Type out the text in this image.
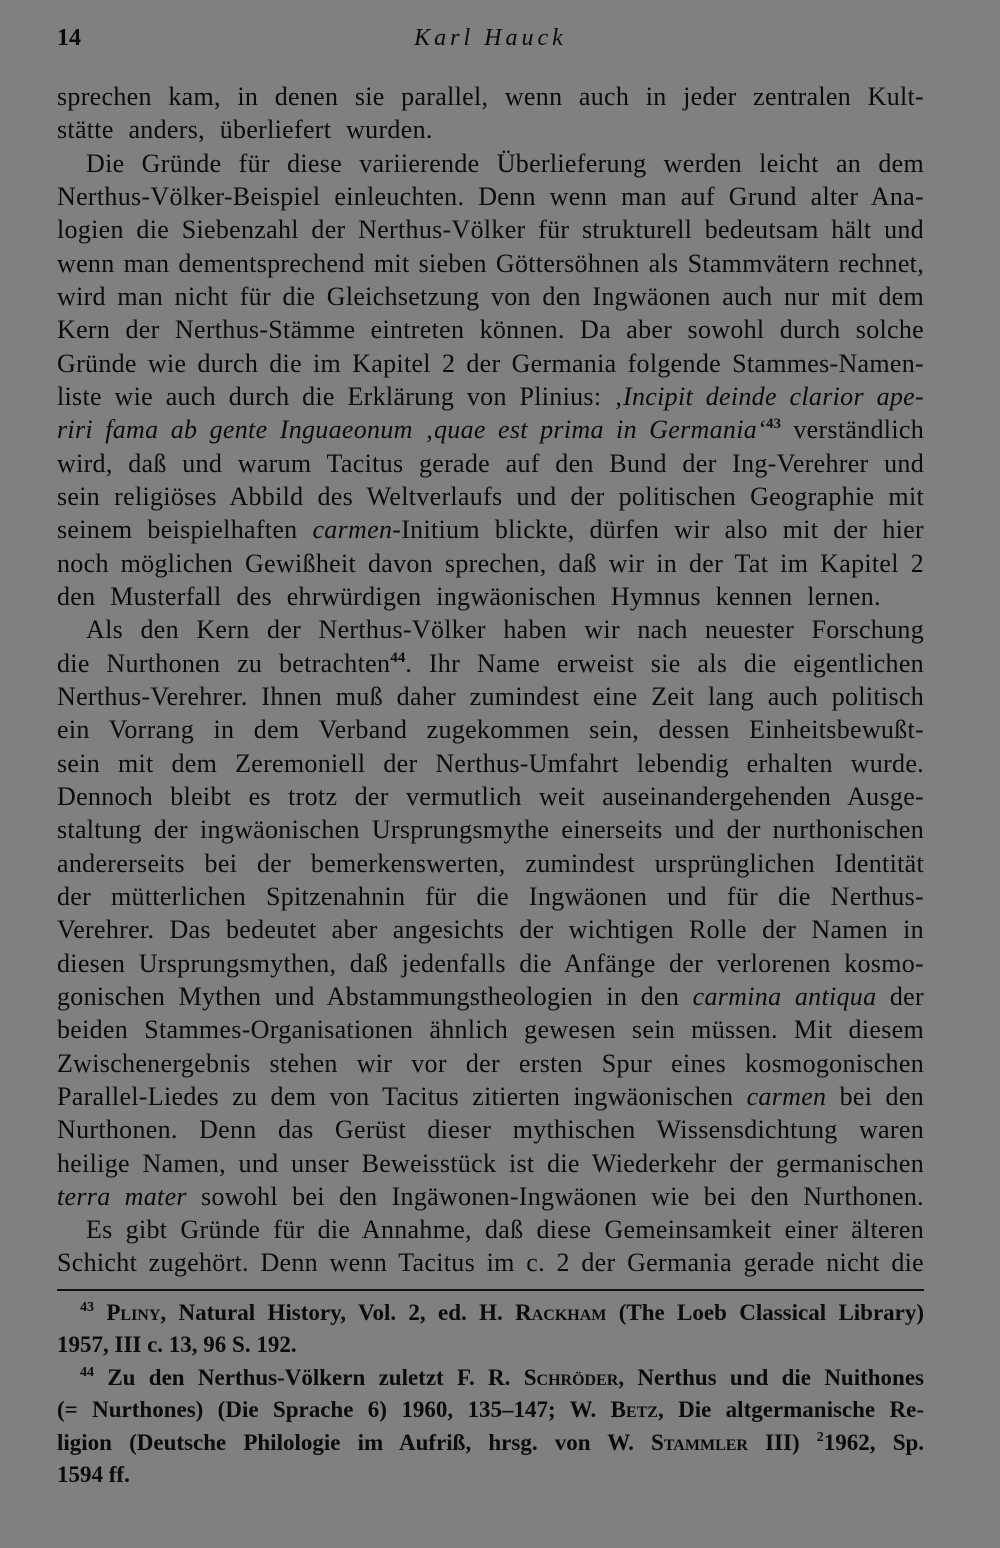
14	Karl Hauck
sprechen kam, in denen sie parallel, wenn auch in jeder zentralen Kult-
stätte anders, überliefert wurden.
Die Gründe für diese variierende Überlieferung werden leicht an dem
Nerthus-Völker-Beispiel einleuchten. Denn wenn man auf Grund alter Ana-
logien die Siebenzahl der Nerthus-Völker für strukturell bedeutsam hält und
wenn man dementsprechend mit sieben Göttersöhnen als Stammvätern rechnet,
wird man nicht für die Gleichsetzung von den Ingwäonen auch nur mit dem
Kern der Nerthus-Stämme eintreten können. Da aber sowohl durch solche
Gründe wie durch die im Kapitel 2 der Germania folgende Stammes-Namen-
liste wie auch durch die Erklärung von Plinius: ‚Incipit deinde clarior ape-
riri fama ab gente Inguaeonum ‚quae est prima in Germania‘$^{43}$ verständlich
wird, daß und warum Tacitus gerade auf den Bund der Ing-Verehrer und
sein religiöses Abbild des Weltverlaufs und der politischen Geographie mit
seinem beispielhaften carmen-Initium blickte, dürfen wir also mit der hier
noch möglichen Gewißheit davon sprechen, daß wir in der Tat im Kapitel 2
den Musterfall des ehrwürdigen ingwäonischen Hymnus kennen lernen.
Als den Kern der Nerthus-Völker haben wir nach neuester Forschung
die Nurthonen zu betrachten$^{44}$. Ihr Name erweist sie als die eigentlichen
Nerthus-Verehrer. Ihnen muß daher zumindest eine Zeit lang auch politisch
ein Vorrang in dem Verband zugekommen sein, dessen Einheitsbewußt-
sein mit dem Zeremoniell der Nerthus-Umfahrt lebendig erhalten wurde.
Dennoch bleibt es trotz der vermutlich weit auseinandergehenden Ausge-
staltung der ingwäonischen Ursprungsmythe einerseits und der nurthonischen
andererseits bei der bemerkenswerten, zumindest ursprünglichen Identität
der mütterlichen Spitzenahnin für die Ingwäonen und für die Nerthus-
Verehrer. Das bedeutet aber angesichts der wichtigen Rolle der Namen in
diesen Ursprungsmythen, daß jedenfalls die Anfänge der verlorenen kosmo-
gonischen Mythen und Abstammungstheologien in den carmina antiqua der
beiden Stammes-Organisationen ähnlich gewesen sein müssen. Mit diesem
Zwischenergebnis stehen wir vor der ersten Spur eines kosmogonischen
Parallel-Liedes zu dem von Tacitus zitierten ingwäonischen carmen bei den
Nurthonen. Denn das Gerüst dieser mythischen Wissensdichtung waren
heilige Namen, und unser Beweisstück ist die Wiederkehr der germanischen
terra mater sowohl bei den Ingäwonen-Ingwäonen wie bei den Nurthonen.
Es gibt Gründe für die Annahme, daß diese Gemeinsamkeit einer älteren
Schicht zugehört. Denn wenn Tacitus im c. 2 der Germania gerade nicht die
$^{43}$ Pliny, Natural History, Vol. 2, ed. H. Rackham (The Loeb Classical Library)
1957, III c. 13, 96 S. 192.
$^{44}$ Zu den Nerthus-Völkern zuletzt F. R. Schröder, Nerthus und die Nuithones
(= Nurthones) (Die Sprache 6) 1960, 135–147; W. Betz, Die altgermanische Re-
ligion (Deutsche Philologie im Aufriß, hrsg. von W. Stammler III) $^2$1962, Sp.
1594 ff.
